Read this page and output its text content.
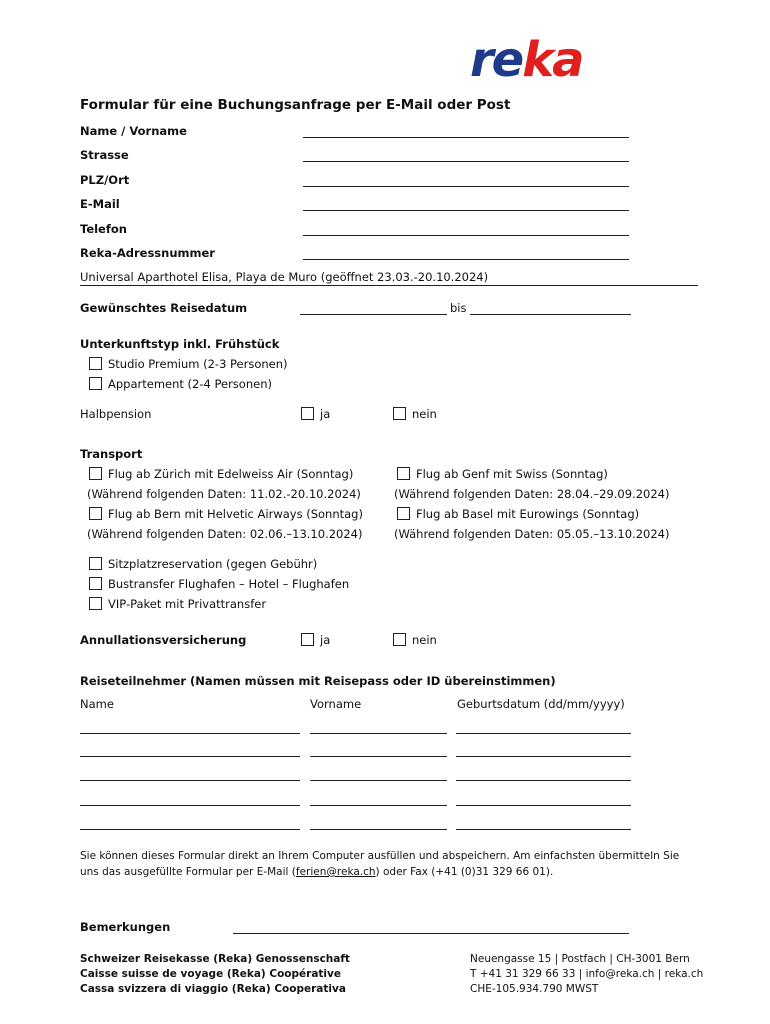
reka
Formular für eine Buchungsanfrage per E-Mail oder Post
Name / Vorname
Strasse
PLZ/Ort
E-Mail
Telefon
Reka-Adressnummer
Universal Aparthotel Elisa, Playa de Muro (geöffnet 23.03.-20.10.2024)
Gewünschtes Reisedatum	bis
Unterkunftstyp inkl. Frühstück
Studio Premium (2-3 Personen)
Appartement (2-4 Personen)
Halbpension	ja	nein
Transport
Flug ab Zürich mit Edelweiss Air (Sonntag)
(Während folgenden Daten: 11.02.-20.10.2024)
Flug ab Genf mit Swiss (Sonntag)
(Während folgenden Daten: 28.04.–29.09.2024)
Flug ab Bern mit Helvetic Airways (Sonntag)
(Während folgenden Daten: 02.06.–13.10.2024)
Flug ab Basel mit Eurowings (Sonntag)
(Während folgenden Daten: 05.05.–13.10.2024)
Sitzplatzreservation (gegen Gebühr)
Bustransfer Flughafen – Hotel – Flughafen
VIP-Paket mit Privattransfer
Annullationsversicherung	ja	nein
Reiseteilnehmer (Namen müssen mit Reisepass oder ID übereinstimmen)
Name	Vorname	Geburtsdatum (dd/mm/yyyy)
Sie können dieses Formular direkt an Ihrem Computer ausfüllen und abspeichern. Am einfachsten übermitteln Sie
uns das ausgefüllte Formular per E-Mail (ferien@reka.ch) oder Fax (+41 (0)31 329 66 01).
Bemerkungen
Schweizer Reisekasse (Reka) Genossenschaft
Caisse suisse de voyage (Reka) Coopérative
Cassa svizzera di viaggio (Reka) Cooperativa
Neuengasse 15 | Postfach | CH-3001 Bern
T +41 31 329 66 33 | info@reka.ch | reka.ch
CHE-105.934.790 MWST
